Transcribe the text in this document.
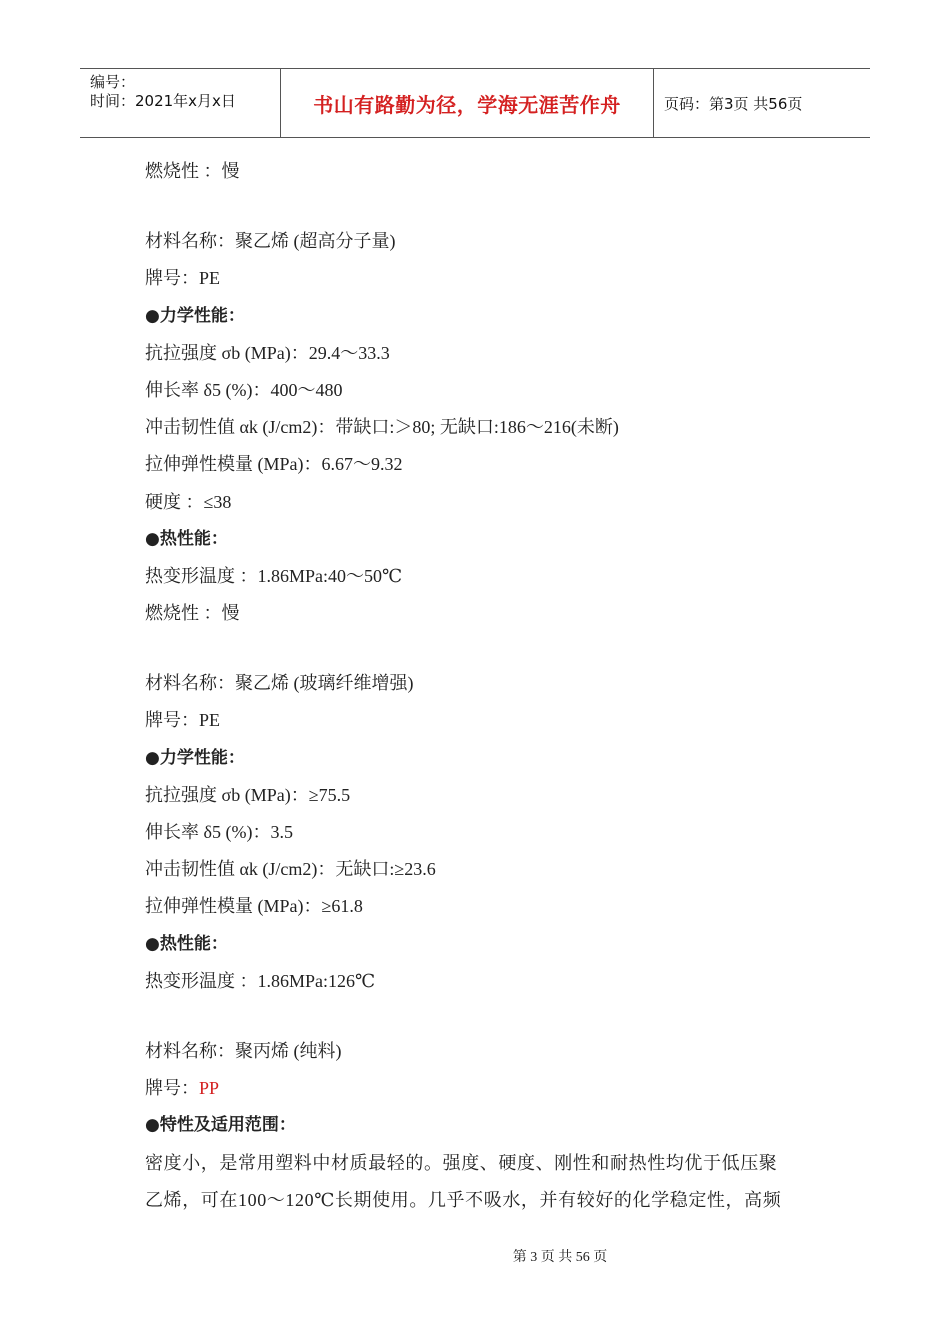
编号：
时间：2021年x月x日	书山有路勤为径，学海无涯苦作舟	页码：第3页 共56页
燃烧性 ：慢
材料名称：聚乙烯 (超高分子量)
牌号：PE
●力学性能：
抗拉强度 σb (MPa)：29.4～33.3
伸长率 δ5 (%)：400～480
冲击韧性值 αk (J/cm2)：带缺口:＞80; 无缺口:186～216(未断)
拉伸弹性模量 (MPa)：6.67～9.32
硬度 ：≤38
●热性能：
热变形温度 ：1.86MPa:40～50℃
燃烧性 ：慢
材料名称：聚乙烯 (玻璃纤维增强)
牌号：PE
●力学性能：
抗拉强度 σb (MPa)：≥75.5
伸长率 δ5 (%)：3.5
冲击韧性值 αk (J/cm2)：无缺口:≥23.6
拉伸弹性模量 (MPa)：≥61.8
●热性能：
热变形温度 ：1.86MPa:126℃
材料名称：聚丙烯 (纯料)
牌号：PP
●特性及适用范围：
密度小，是常用塑料中材质最轻的。强度、硬度、刚性和耐热性均优于低压聚
乙烯，可在100～120℃长期使用。几乎不吸水，并有较好的化学稳定性，高频
第 3 页 共 56 页
